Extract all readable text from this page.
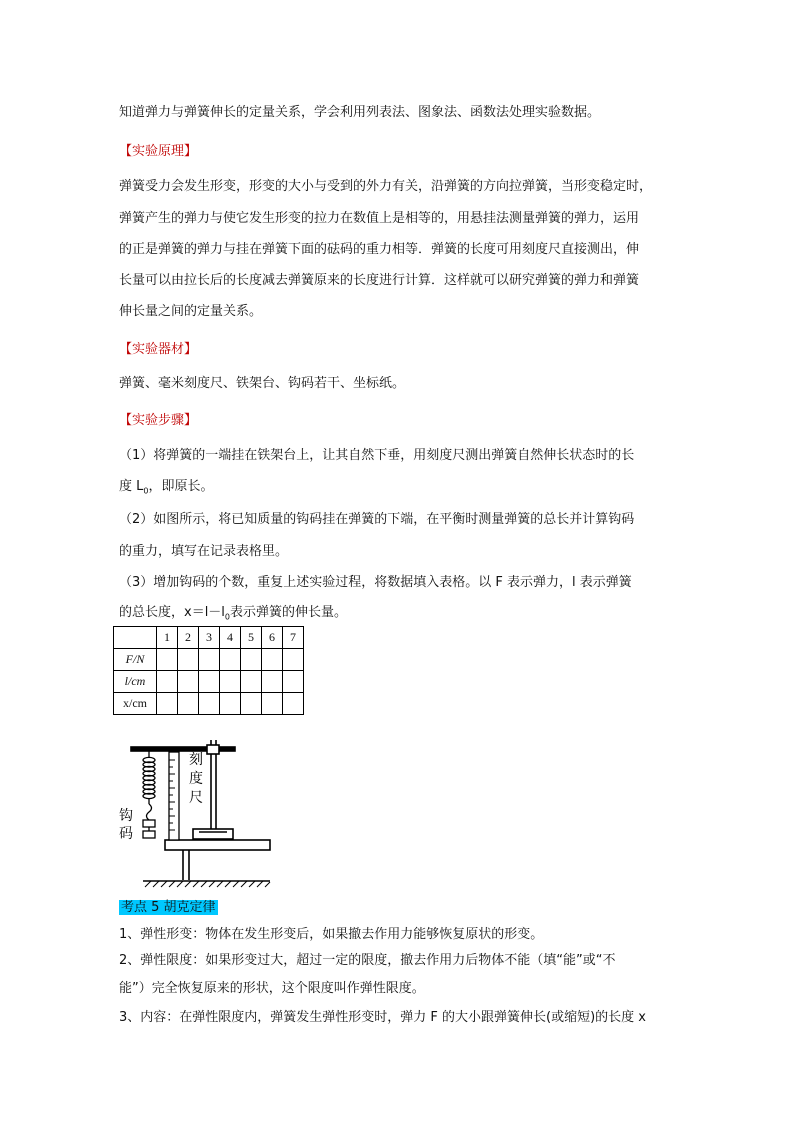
知道弹力与弹簧伸长的定量关系，学会利用列表法、图象法、函数法处理实验数据。
【实验原理】
弹簧受力会发生形变，形变的大小与受到的外力有关，沿弹簧的方向拉弹簧，当形变稳定时，
弹簧产生的弹力与使它发生形变的拉力在数值上是相等的，用悬挂法测量弹簧的弹力，运用
的正是弹簧的弹力与挂在弹簧下面的砝码的重力相等．弹簧的长度可用刻度尺直接测出，伸
长量可以由拉长后的长度减去弹簧原来的长度进行计算．这样就可以研究弹簧的弹力和弹簧
伸长量之间的定量关系。
【实验器材】
弹簧、毫米刻度尺、铁架台、钩码若干、坐标纸。
【实验步骤】
（1）将弹簧的一端挂在铁架台上，让其自然下垂，用刻度尺测出弹簧自然伸长状态时的长
度 $L_0$，即原长。
（2）如图所示，将已知质量的钩码挂在弹簧的下端，在平衡时测量弹簧的总长并计算钩码
的重力，填写在记录表格里。
（3）增加钩码的个数，重复上述实验过程，将数据填入表格。以 F 表示弹力，l 表示弹簧
的总长度，$x=l-l_0$表示弹簧的伸长量。
	1	2	3	4	5	6	7
F/N							
l/cm							
x/cm							
刻
度
尺
钩
码
考点 5 胡克定律
1、弹性形变：物体在发生形变后，如果撤去作用力能够恢复原状的形变。
2、弹性限度：如果形变过大，超过一定的限度，撤去作用力后物体不能（填“能”或“不
能”）完全恢复原来的形状，这个限度叫作弹性限度。
3、内容：在弹性限度内，弹簧发生弹性形变时，弹力 F 的大小跟弹簧伸长(或缩短)的长度 x
